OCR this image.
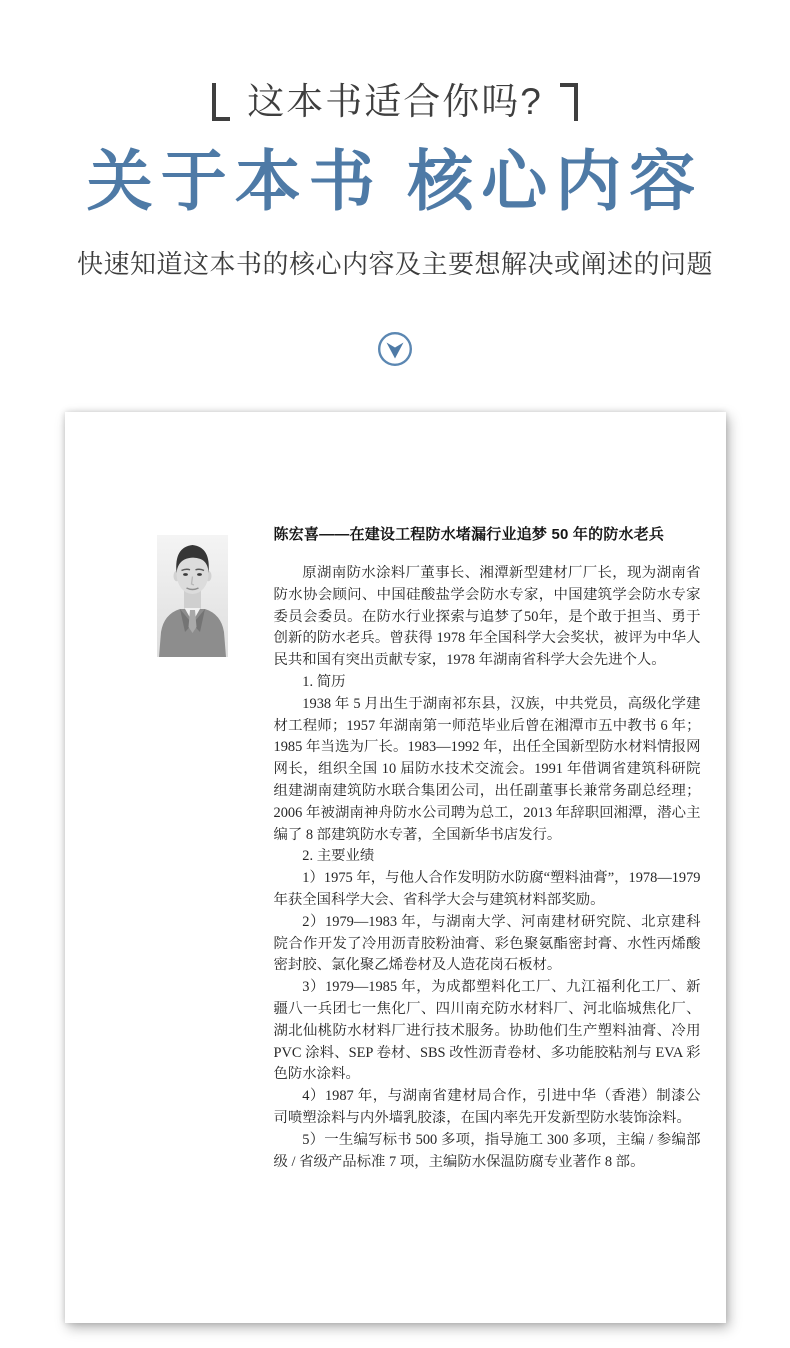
这本书适合你吗?
关于本书 核心内容
快速知道这本书的核心内容及主要想解决或阐述的问题
陈宏喜——在建设工程防水堵漏行业追梦 50 年的防水老兵

原湖南防水涂料厂董事长、湘潭新型建材厂厂长，现为湖南省防水协会顾问、中国硅酸盐学会防水专家，中国建筑学会防水专家委员会委员。在防水行业探索与追梦了50年，是个敢于担当、勇于创新的防水老兵。曾获得 1978 年全国科学大会奖状，被评为中华人民共和国有突出贡献专家，1978 年湖南省科学大会先进个人。

1. 简历

1938 年 5 月出生于湖南祁东县，汉族，中共党员，高级化学建材工程师；1957 年湖南第一师范毕业后曾在湘潭市五中教书 6 年；1985 年当选为厂长。1983—1992 年，出任全国新型防水材料情报网网长，组织全国 10 届防水技术交流会。1991 年借调省建筑科研院组建湖南建筑防水联合集团公司，出任副董事长兼常务副总经理；2006 年被湖南神舟防水公司聘为总工，2013 年辞职回湘潭，潜心主编了 8 部建筑防水专著，全国新华书店发行。

2. 主要业绩

1）1975 年，与他人合作发明防水防腐“塑料油膏”，1978—1979 年获全国科学大会、省科学大会与建筑材料部奖励。

2）1979—1983 年，与湖南大学、河南建材研究院、北京建科院合作开发了冷用沥青胶粉油膏、彩色聚氨酯密封膏、水性丙烯酸密封胶、氯化聚乙烯卷材及人造花岗石板材。

3）1979—1985 年，为成都塑料化工厂、九江福利化工厂、新疆八一兵团七一焦化厂、四川南充防水材料厂、河北临城焦化厂、湖北仙桃防水材料厂进行技术服务。协助他们生产塑料油膏、冷用 PVC 涂料、SEP 卷材、SBS 改性沥青卷材、多功能胶粘剂与 EVA 彩色防水涂料。

4）1987 年，与湖南省建材局合作，引进中华（香港）制漆公司喷塑涂料与内外墙乳胶漆，在国内率先开发新型防水装饰涂料。

5）一生编写标书 500 多项，指导施工 300 多项，主编 / 参编部级 / 省级产品标准 7 项，主编防水保温防腐专业著作 8 部。
